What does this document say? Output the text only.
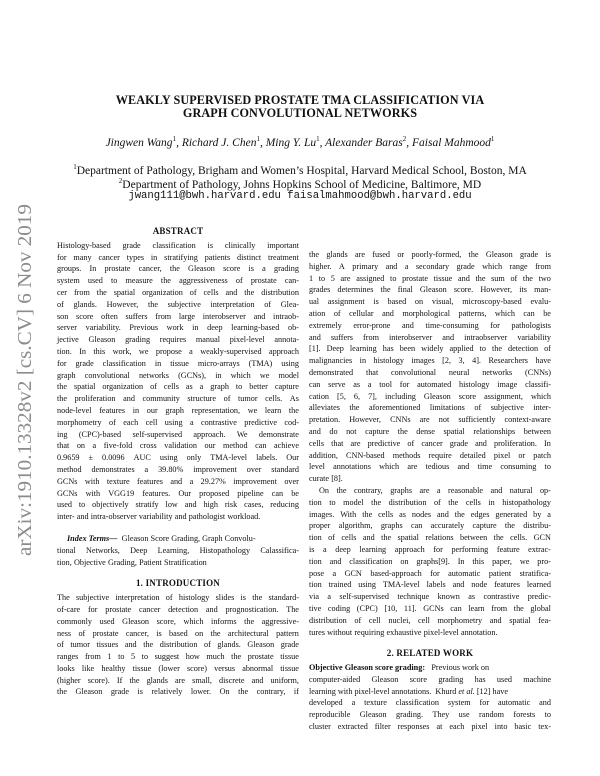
arXiv:1910.13328v2 [cs.CV] 6 Nov 2019
WEAKLY SUPERVISED PROSTATE TMA CLASSIFICATION VIA
GRAPH CONVOLUTIONAL NETWORKS
Jingwen Wang$^1$, Richard J. Chen$^1$, Ming Y. Lu$^1$, Alexander Baras$^2$, Faisal Mahmood$^1$
$^1$Department of Pathology, Brigham and Women’s Hospital, Harvard Medical School, Boston, MA
$^2$Department of Pathology, Johns Hopkins School of Medicine, Baltimore, MD
jwang111@bwh.harvard.edu faisalmahmood@bwh.harvard.edu
ABSTRACT
Histology-based grade classification is clinically important
for many cancer types in stratifying patients distinct treatment
groups. In prostate cancer, the Gleason score is a grading
system used to measure the aggressiveness of prostate can-
cer from the spatial organization of cells and the distribution
of glands. However, the subjective interpretation of Glea-
son score often suffers from large interobserver and intraob-
server variability. Previous work in deep learning-based ob-
jective Gleason grading requires manual pixel-level annota-
tion. In this work, we propose a weakly-supervised approach
for grade classification in tissue micro-arrays (TMA) using
graph convolutional networks (GCNs), in which we model
the spatial organization of cells as a graph to better capture
the proliferation and community structure of tumor cells. As
node-level features in our graph representation, we learn the
morphometry of each cell using a contrastive predictive cod-
ing (CPC)-based self-supervised approach. We demonstrate
that on a five-fold cross validation our method can achieve
0.9659 ± 0.0096 AUC using only TMA-level labels. Our
method demonstrates a 39.80% improvement over standard
GCNs with texture features and a 29.27% improvement over
GCNs with VGG19 features. Our proposed pipeline can be
used to objectively stratify low and high risk cases, reducing
inter- and intra-observer variability and pathologist workload.
Index Terms— Gleason Score Grading, Graph Convolu-
tional Networks, Deep Learning, Histopathology Calassifica-
tion, Objective Grading, Patient Stratification
1. INTRODUCTION
The subjective interpretation of histology slides is the standard-
of-care for prostate cancer detection and prognostication. The
commonly used Gleason score, which informs the aggressive-
ness of prostate cancer, is based on the architectural pattern
of tumor tissues and the distribution of glands. Gleason grade
ranges from 1 to 5 to suggest how much the prostate tissue
looks like healthy tissue (lower score) versus abnormal tissue
(higher score). If the glands are small, discrete and uniform,
the Gleason grade is relatively lower. On the contrary, if
the glands are fused or poorly-formed, the Gleason grade is
higher. A primary and a secondary grade which range from
1 to 5 are assigned to prostate tissue and the sum of the two
grades determines the final Gleason score. However, its man-
ual assignment is based on visual, microscopy-based evalu-
ation of cellular and morphological patterns, which can be
extremely error-prone and time-consuming for pathologists
and suffers from interobserver and intraobserver variability
[1]. Deep learning has been widely applied to the detection of
malignancies in histology images [2, 3, 4]. Researchers have
demonstrated that convolutional neural networks (CNNs)
can serve as a tool for automated histology image classifi-
cation [5, 6, 7], including Gleason score assignment, which
alleviates the aforementioned limitations of subjective inter-
pretation. However, CNNs are not sufficiently context-aware
and do not capture the dense spatial relationships between
cells that are predictive of cancer grade and proliferation. In
addition, CNN-based methods require detailed pixel or patch
level annotations which are tedious and time consuming to
curate [8].
On the contrary, graphs are a reasonable and natural op-
tion to model the distribution of the cells in histopathology
images. With the cells as nodes and the edges generated by a
proper algorithm, graphs can accurately capture the distribu-
tion of cells and the spatial relations between the cells. GCN
is a deep learning approach for performing feature extrac-
tion and classification on graphs[9]. In this paper, we pro-
pose a GCN based-approach for automatic patient stratifica-
tion trained using TMA-level labels and node features learned
via a self-supervised technique known as contrastive predic-
tive coding (CPC) [10, 11]. GCNs can learn from the global
distribution of cell nuclei, cell morphometry and spatial fea-
tures without requiring exhaustive pixel-level annotation.
2. RELATED WORK
Objective Gleason score grading: Previous work on
computer-aided Gleason score grading has used machine
learning with pixel-level annotations.  Khurd et al. [12] have
developed a texture classification system for automatic and
reproducible Gleason grading. They use random forests to
cluster extracted filter responses at each pixel into basic tex-
